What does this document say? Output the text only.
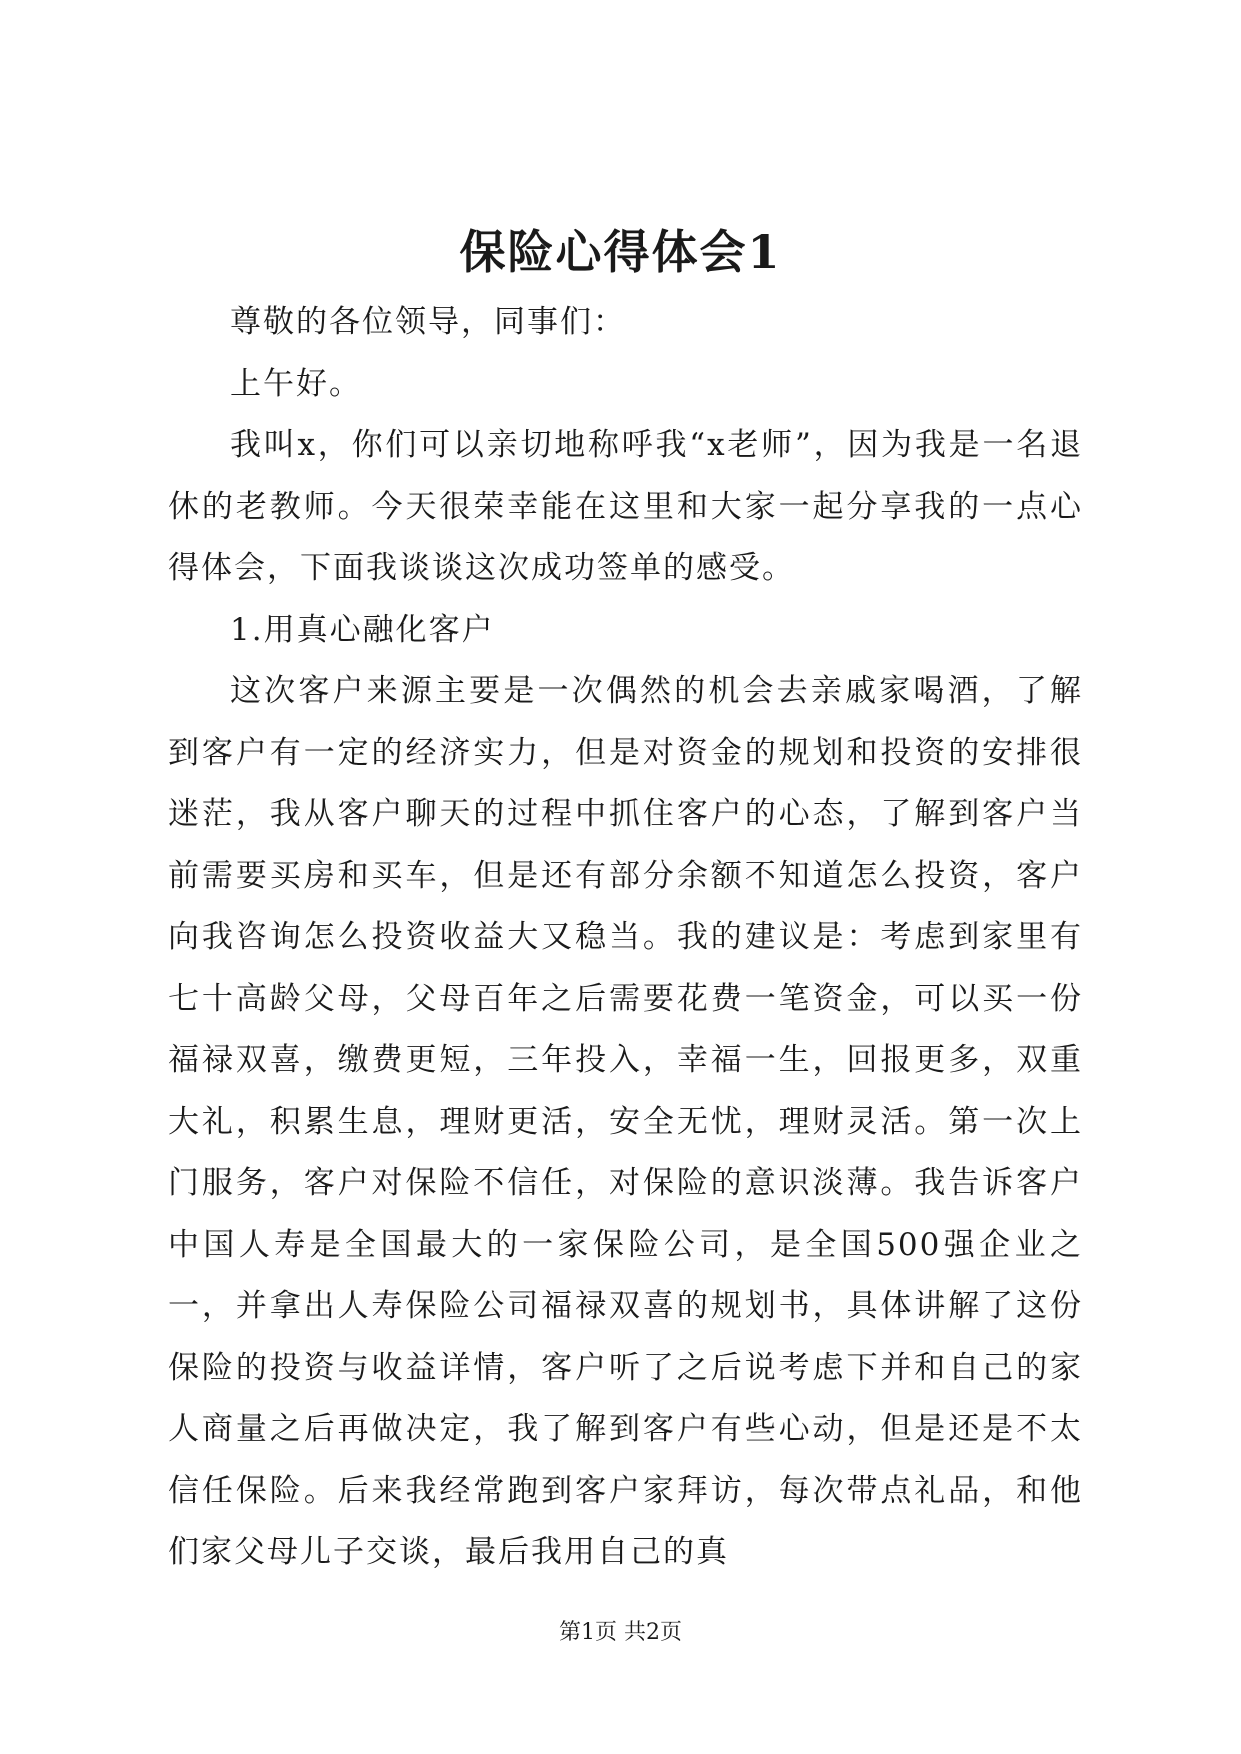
保险心得体会1

尊敬的各位领导，同事们：

上午好。

我叫x，你们可以亲切地称呼我“x老师”，因为我是一名退休的老教师。今天很荣幸能在这里和大家一起分享我的一点心得体会，下面我谈谈这次成功签单的感受。

1.用真心融化客户

这次客户来源主要是一次偶然的机会去亲戚家喝酒，了解到客户有一定的经济实力，但是对资金的规划和投资的安排很迷茫，我从客户聊天的过程中抓住客户的心态，了解到客户当前需要买房和买车，但是还有部分余额不知道怎么投资，客户向我咨询怎么投资收益大又稳当。我的建议是：考虑到家里有七十高龄父母，父母百年之后需要花费一笔资金，可以买一份福禄双喜，缴费更短，三年投入，幸福一生，回报更多，双重大礼，积累生息，理财更活，安全无忧，理财灵活。第一次上门服务，客户对保险不信任，对保险的意识淡薄。我告诉客户中国人寿是全国最大的一家保险公司，是全国500强企业之一，并拿出人寿保险公司福禄双喜的规划书，具体讲解了这份保险的投资与收益详情，客户听了之后说考虑下并和自己的家人商量之后再做决定，我了解到客户有些心动，但是还是不太信任保险。后来我经常跑到客户家拜访，每次带点礼品，和他们家父母儿子交谈，最后我用自己的真

第1页 共2页
